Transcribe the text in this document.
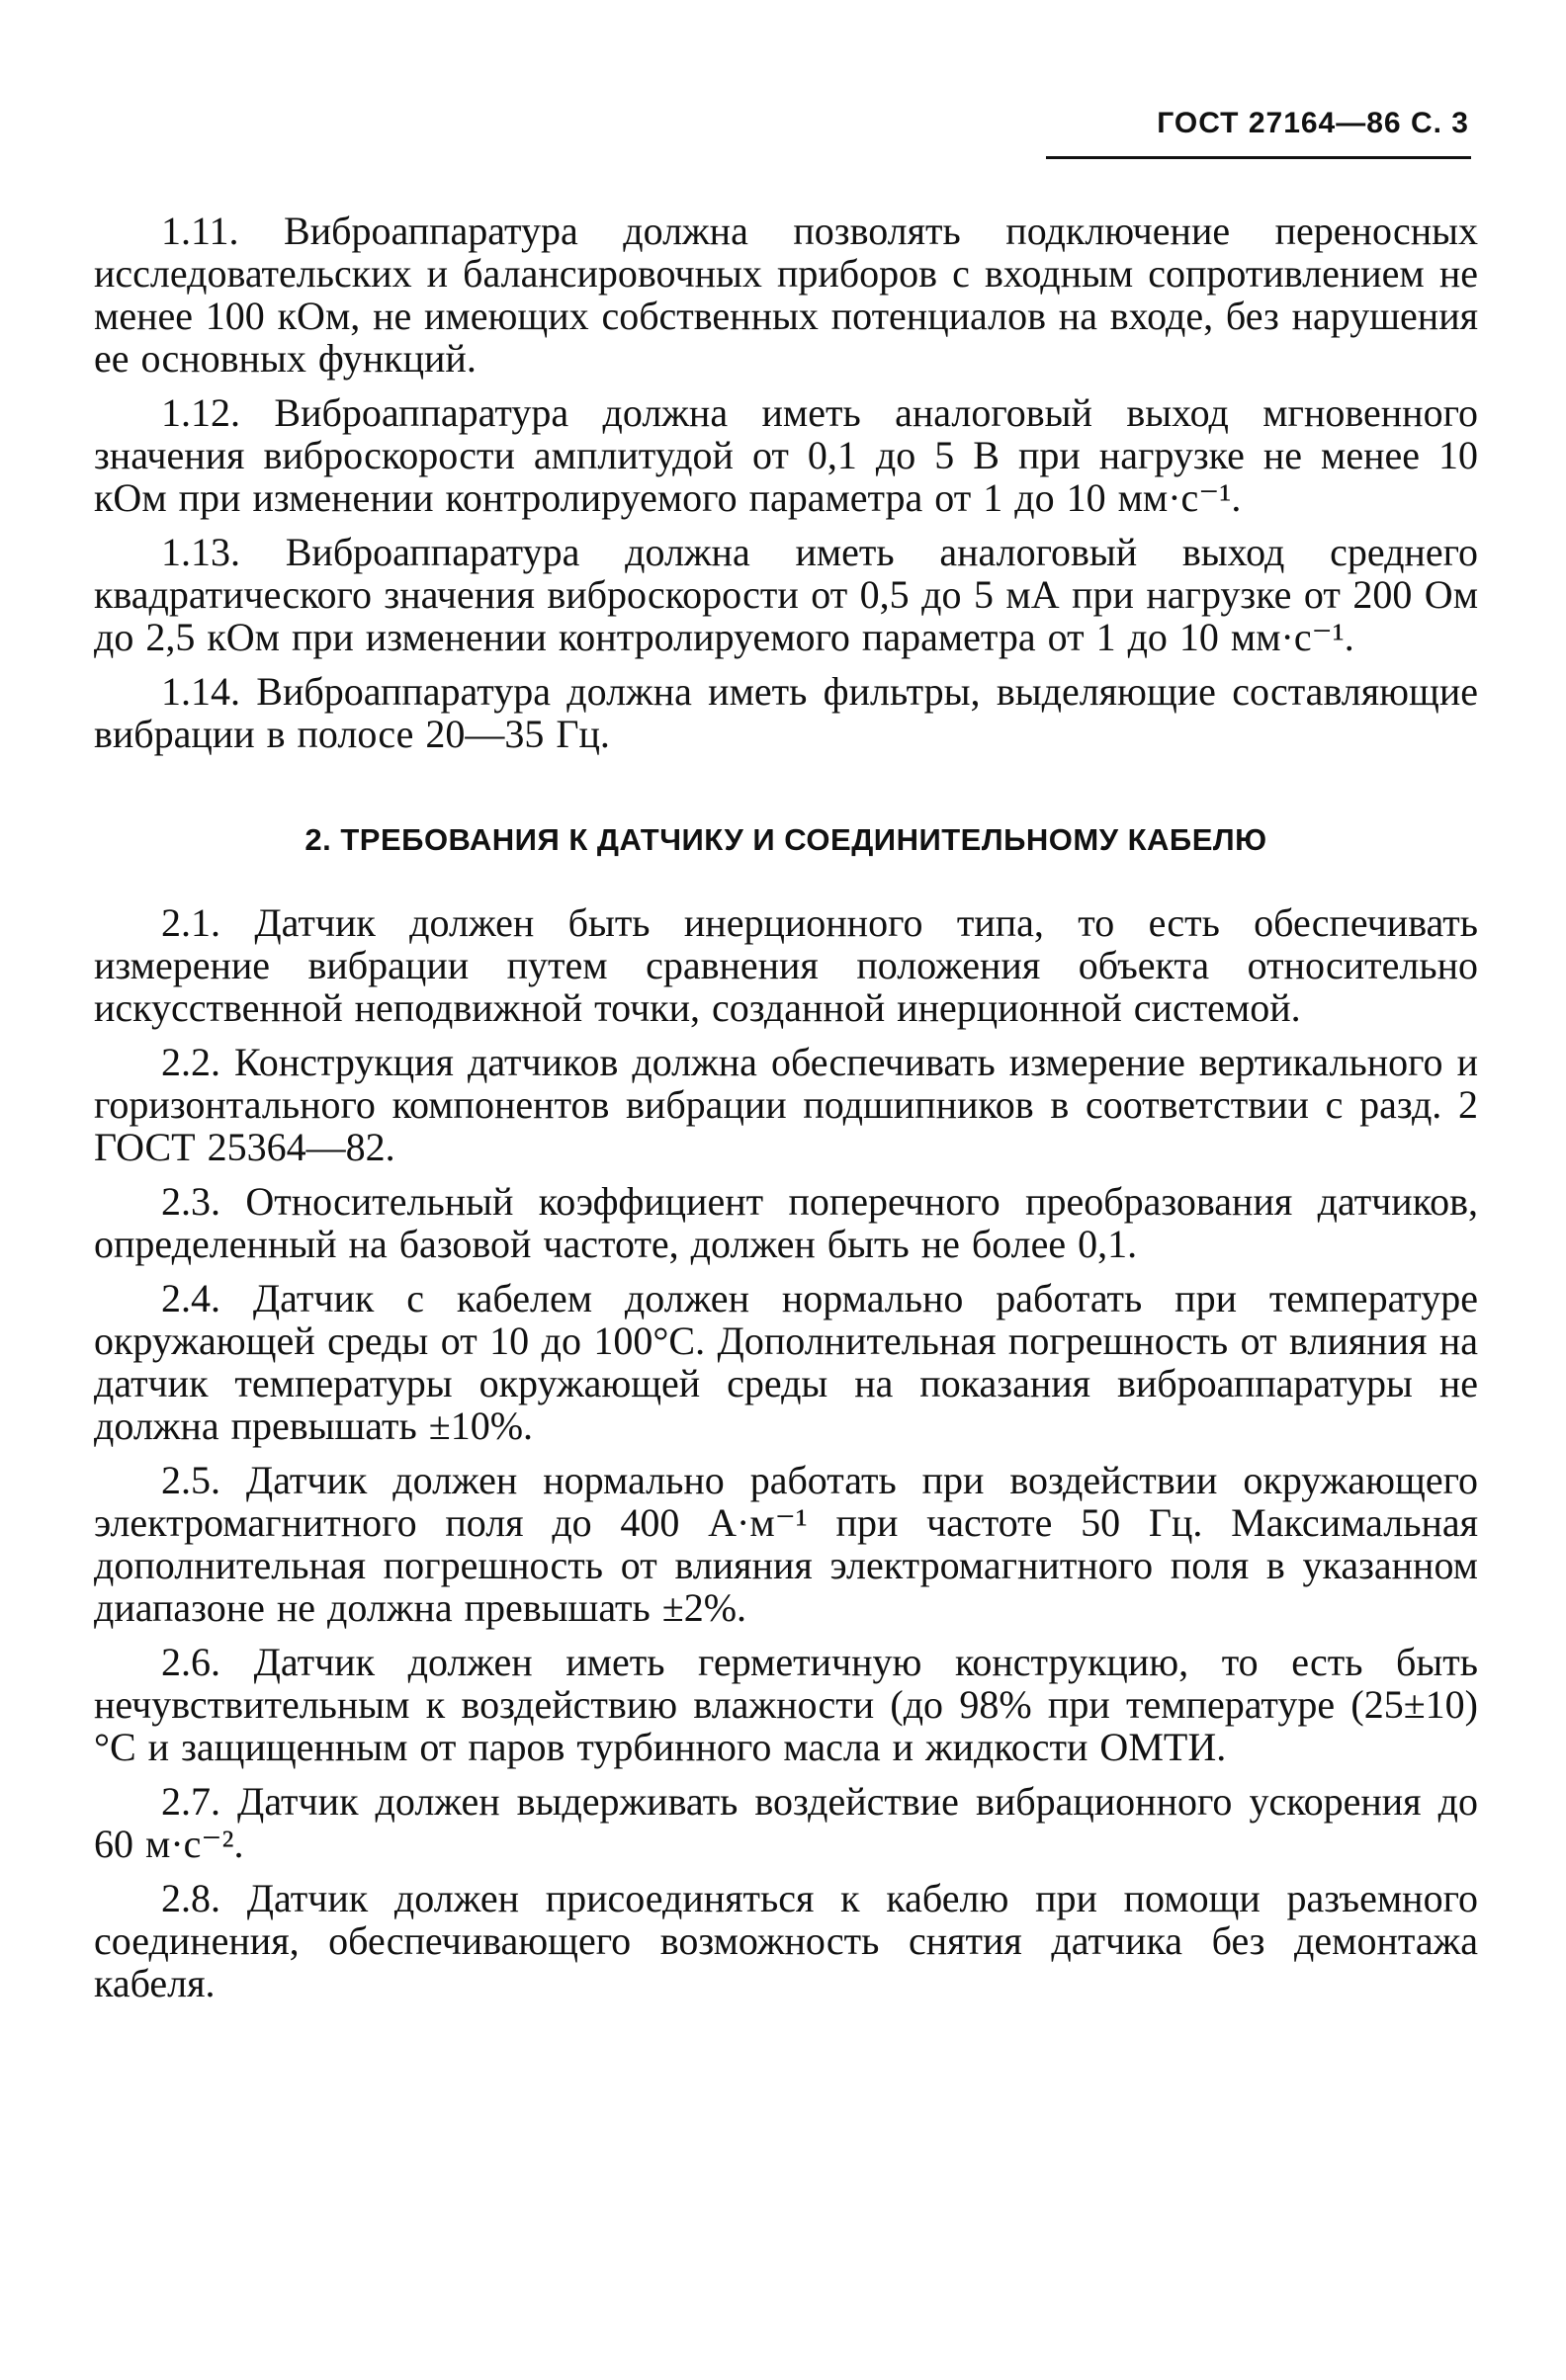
ГОСТ 27164—86 С. 3

1.11. Виброаппаратура должна позволять подключение переносных исследовательских и балансировочных приборов с входным сопротивлением не менее 100 кОм, не имеющих собственных потенциалов на входе, без нарушения ее основных функций.

1.12. Виброаппаратура должна иметь аналоговый выход мгновенного значения виброскорости амплитудой от 0,1 до 5 В при нагрузке не менее 10 кОм при изменении контролируемого параметра от 1 до 10 мм·с⁻¹.

1.13. Виброаппаратура должна иметь аналоговый выход среднего квадратического значения виброскорости от 0,5 до 5 мА при нагрузке от 200 Ом до 2,5 кОм при изменении контролируемого параметра от 1 до 10 мм·с⁻¹.

1.14. Виброаппаратура должна иметь фильтры, выделяющие составляющие вибрации в полосе 20—35 Гц.

2. ТРЕБОВАНИЯ К ДАТЧИКУ И СОЕДИНИТЕЛЬНОМУ КАБЕЛЮ

2.1. Датчик должен быть инерционного типа, то есть обеспечивать измерение вибрации путем сравнения положения объекта относительно искусственной неподвижной точки, созданной инерционной системой.

2.2. Конструкция датчиков должна обеспечивать измерение вертикального и горизонтального компонентов вибрации подшипников в соответствии с разд. 2 ГОСТ 25364—82.

2.3. Относительный коэффициент поперечного преобразования датчиков, определенный на базовой частоте, должен быть не более 0,1.

2.4. Датчик с кабелем должен нормально работать при температуре окружающей среды от 10 до 100°С. Дополнительная погрешность от влияния на датчик температуры окружающей среды на показания виброаппаратуры не должна превышать ±10%.

2.5. Датчик должен нормально работать при воздействии окружающего электромагнитного поля до 400 А·м⁻¹ при частоте 50 Гц. Максимальная дополнительная погрешность от влияния электромагнитного поля в указанном диапазоне не должна превышать ±2%.

2.6. Датчик должен иметь герметичную конструкцию, то есть быть нечувствительным к воздействию влажности (до 98% при температуре (25±10)°С и защищенным от паров турбинного масла и жидкости ОМТИ.

2.7. Датчик должен выдерживать воздействие вибрационного ускорения до 60 м·с⁻².

2.8. Датчик должен присоединяться к кабелю при помощи разъемного соединения, обеспечивающего возможность снятия датчика без демонтажа кабеля.
